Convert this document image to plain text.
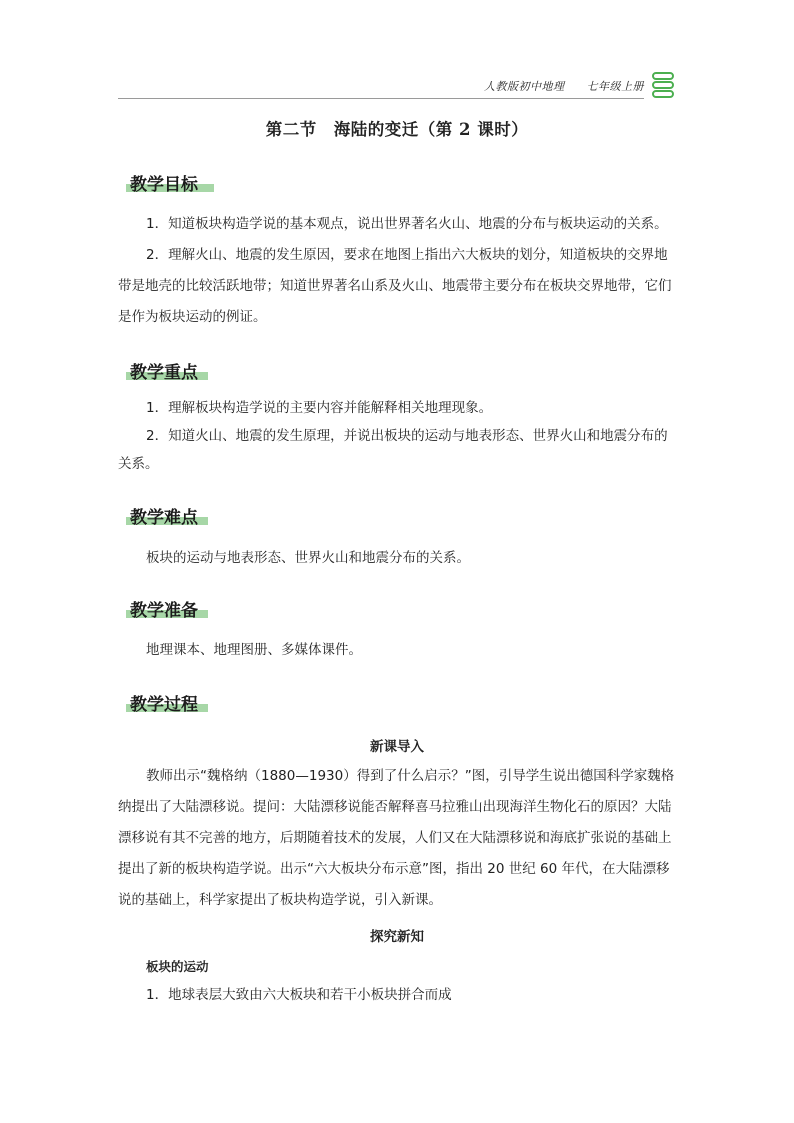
人教版初中地理 七年级上册
第二节　海陆的变迁（第 2 课时）
教学目标
1．知道板块构造学说的基本观点，说出世界著名火山、地震的分布与板块运动的关系。
2．理解火山、地震的发生原因，要求在地图上指出六大板块的划分，知道板块的交界地带是地壳的比较活跃地带；知道世界著名山系及火山、地震带主要分布在板块交界地带，它们是作为板块运动的例证。
教学重点
1．理解板块构造学说的主要内容并能解释相关地理现象。
2．知道火山、地震的发生原理，并说出板块的运动与地表形态、世界火山和地震分布的关系。
教学难点
板块的运动与地表形态、世界火山和地震分布的关系。
教学准备
地理课本、地理图册、多媒体课件。
教学过程
新课导入
教师出示“魏格纳（1880—1930）得到了什么启示？”图，引导学生说出德国科学家魏格纳提出了大陆漂移说。提问：大陆漂移说能否解释喜马拉雅山出现海洋生物化石的原因？大陆漂移说有其不完善的地方，后期随着技术的发展，人们又在大陆漂移说和海底扩张说的基础上提出了新的板块构造学说。出示“六大板块分布示意”图，指出 20 世纪 60 年代，在大陆漂移说的基础上，科学家提出了板块构造学说，引入新课。
探究新知
板块的运动
1．地球表层大致由六大板块和若干小板块拼合而成
